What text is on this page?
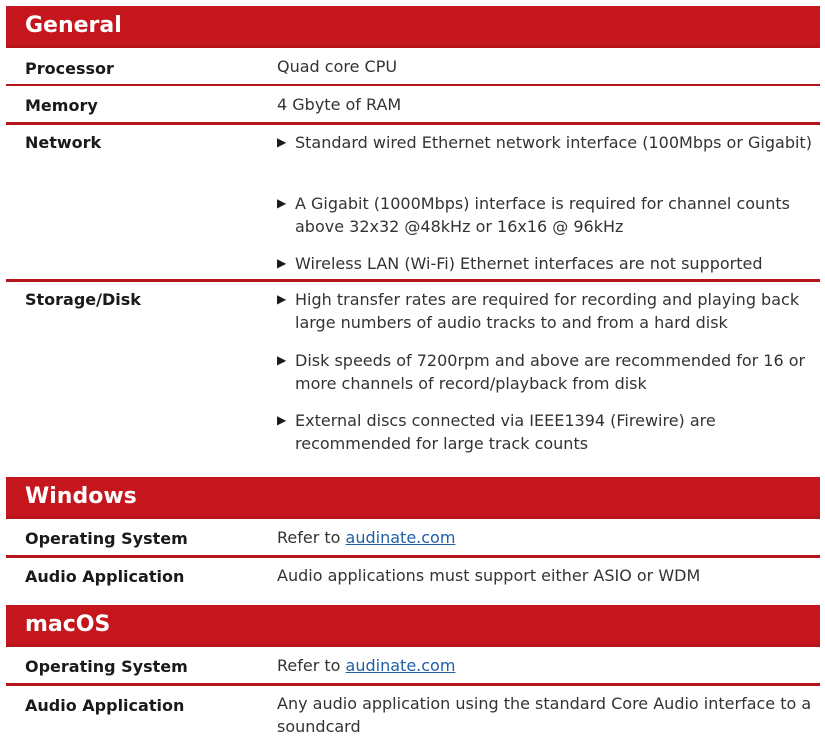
General
Processor	Quad core CPU
Memory	4 Gbyte of RAM
Network	▶ Standard wired Ethernet network interface (100Mbps or Gigabit)
▶ A Gigabit (1000Mbps) interface is required for channel counts above 32x32 @48kHz or 16x16 @ 96kHz
▶ Wireless LAN (Wi-Fi) Ethernet interfaces are not supported
Storage/Disk	▶ High transfer rates are required for recording and playing back large numbers of audio tracks to and from a hard disk
▶ Disk speeds of 7200rpm and above are recommended for 16 or more channels of record/playback from disk
▶ External discs connected via IEEE1394 (Firewire) are recommended for large track counts
Windows
Operating System	Refer to audinate.com
Audio Application	Audio applications must support either ASIO or WDM
macOS
Operating System	Refer to audinate.com
Audio Application	Any audio application using the standard Core Audio interface to a soundcard
